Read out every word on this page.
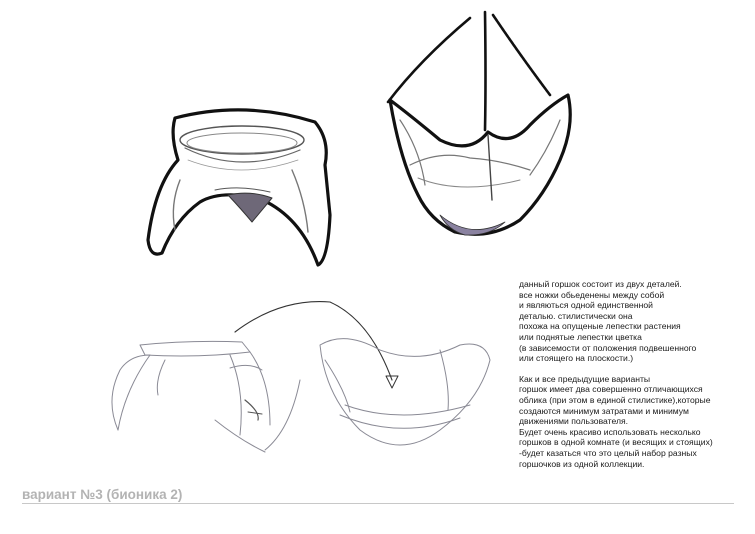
данный горшок состоит из двух деталей.
все ножки обьеденены между собой
и являються одной единственной
деталью. стилистически она
похожа на опущеные лепестки растения
или поднятые лепестки цветка
(в зависемости от положения подвешенного
или стоящего на плоскости.)
Как и все предыдущие варианты
горшок имеет два совершенно отличающихся
облика (при этом в единой стилистике),которые
создаются минимум затратами и минимум
движениями пользователя.
Будет очень красиво использовать несколько
горшков в одной комнате (и весящих и стоящих)
-будет казаться что это целый набор разных
горшочков из одной коллекции.
вариант №3 (бионика 2)
